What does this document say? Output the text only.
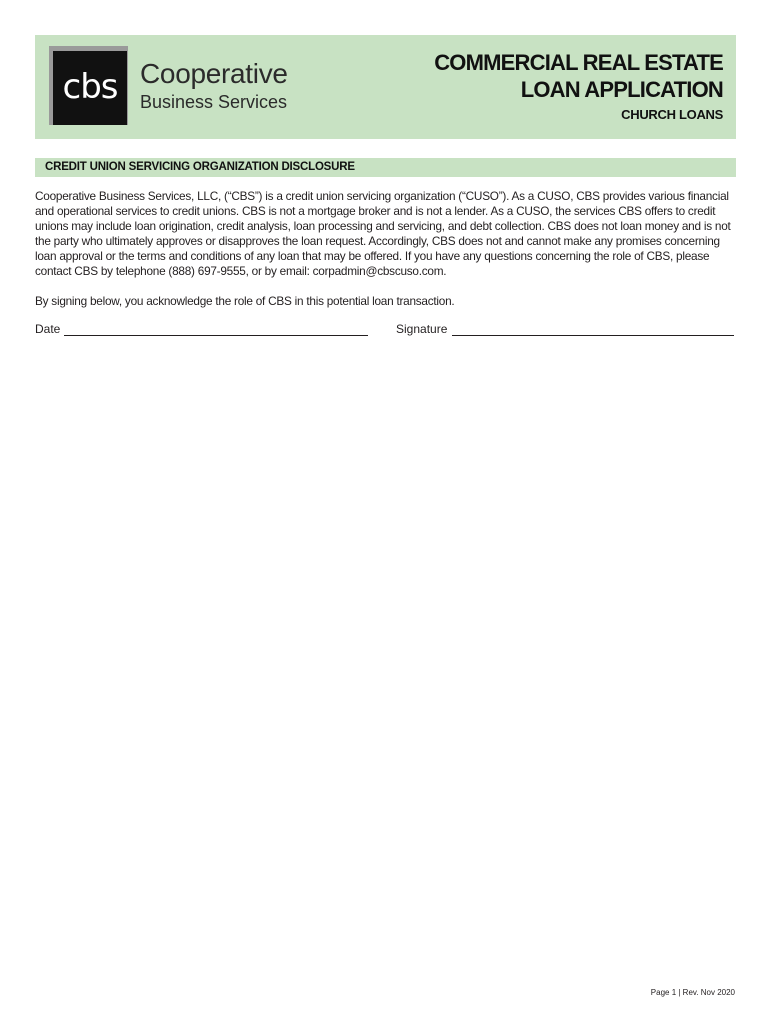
cbs Cooperative
Business Services
COMMERCIAL REAL ESTATE
LOAN APPLICATION
CHURCH LOANS
CREDIT UNION SERVICING ORGANIZATION DISCLOSURE

Cooperative Business Services, LLC, (“CBS”) is a credit union servicing organization (“CUSO”). As a CUSO, CBS provides various financial and operational services to credit unions. CBS is not a mortgage broker and is not a lender. As a CUSO, the services CBS offers to credit unions may include loan origination, credit analysis, loan processing and servicing, and debt collection. CBS does not loan money and is not the party who ultimately approves or disapproves the loan request. Accordingly, CBS does not and cannot make any promises concerning loan approval or the terms and conditions of any loan that may be offered. If you have any questions concerning the role of CBS, please contact CBS by telephone (888) 697-9555, or by email: corpadmin@cbscuso.com.

By signing below, you acknowledge the role of CBS in this potential loan transaction.

Date	Signature
Page 1 | Rev. Nov 2020
